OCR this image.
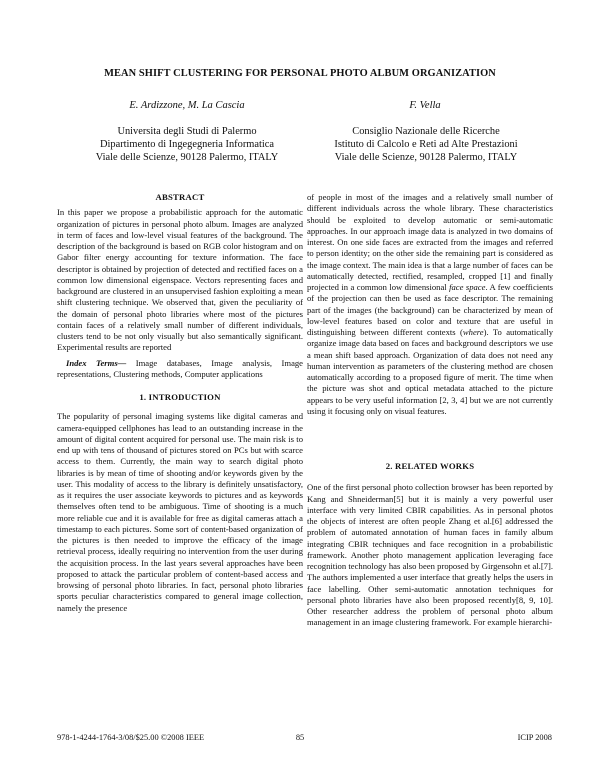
MEAN SHIFT CLUSTERING FOR PERSONAL PHOTO ALBUM ORGANIZATION
E. Ardizzone, M. La Cascia	F. Vella
Universita degli Studi di Palermo
Dipartimento di Ingegegneria Informatica
Viale delle Scienze, 90128 Palermo, ITALY
Consiglio Nazionale delle Ricerche
Istituto di Calcolo e Reti ad Alte Prestazioni
Viale delle Scienze, 90128 Palermo, ITALY
ABSTRACT

In this paper we propose a probabilistic approach for the automatic organization of pictures in personal photo album. Images are analyzed in term of faces and low-level visual features of the background. The description of the background is based on RGB color histogram and on Gabor filter energy accounting for texture information. The face descriptor is obtained by projection of detected and rectified faces on a common low dimensional eigenspace. Vectors representing faces and background are clustered in an unsupervised fashion exploiting a mean shift clustering technique. We observed that, given the peculiarity of the domain of personal photo libraries where most of the pictures contain faces of a relatively small number of different individuals, clusters tend to be not only visually but also semantically significant. Experimental results are reported

Index Terms— Image databases, Image analysis, Image representations, Clustering methods, Computer applications

1. INTRODUCTION

The popularity of personal imaging systems like digital cameras and camera-equipped cellphones has lead to an outstanding increase in the amount of digital content acquired for personal use. The main risk is to end up with tens of thousand of pictures stored on PCs but with scarce access to them. Currently, the main way to search digital photo libraries is by mean of time of shooting and/or keywords given by the user. This modality of access to the library is definitely unsatisfactory, as it requires the user associate keywords to pictures and as keywords themselves often tend to be ambiguous. Time of shooting is a much more reliable cue and it is available for free as digital cameras attach a timestamp to each pictures. Some sort of content-based organization of the pictures is then needed to improve the efficacy of the image retrieval process, ideally requiring no intervention from the user during the acquisition process. In the last years several approaches have been proposed to attack the particular problem of content-based access and browsing of personal photo libraries. In fact, personal photo libraries sports peculiar characteristics compared to general image collection, namely the presence

of people in most of the images and a relatively small number of different individuals across the whole library. These characteristics should be exploited to develop automatic or semi-automatic approaches. In our approach image data is analyzed in two domains of interest. On one side faces are extracted from the images and referred to person identity; on the other side the remaining part is considered as the image context. The main idea is that a large number of faces can be automatically detected, rectified, resampled, cropped [1] and finally projected in a common low dimensional face space. A few coefficients of the projection can then be used as face descriptor. The remaining part of the images (the background) can be characterized by mean of low-level features based on color and texture that are useful in distinguishing between different contexts (where). To automatically organize image data based on faces and background descriptors we use a mean shift based approach. Organization of data does not need any human intervention as parameters of the clustering method are chosen automatically according to a proposed figure of merit. The time when the picture was shot and optical metadata attached to the picture appears to be very useful information [2, 3, 4] but we are not currently using it focusing only on visual features.

2. RELATED WORKS

One of the first personal photo collection browser has been reported by Kang and Shneiderman[5] but it is mainly a very powerful user interface with very limited CBIR capabilities. As in personal photos the objects of interest are often people Zhang et al.[6] addressed the problem of automated annotation of human faces in family album integrating CBIR techniques and face recognition in a probabilistic framework. Another photo management application leveraging face recognition technology has also been proposed by Girgensohn et al.[7]. The authors implemented a user interface that greatly helps the users in face labelling. Other semi-automatic annotation techniques for personal photo libraries have also been proposed recently[8, 9, 10]. Other researcher address the problem of personal photo album management in an image clustering framework. For example hierarchi-

978-1-4244-1764-3/08/$25.00 ©2008 IEEE	85	ICIP 2008
